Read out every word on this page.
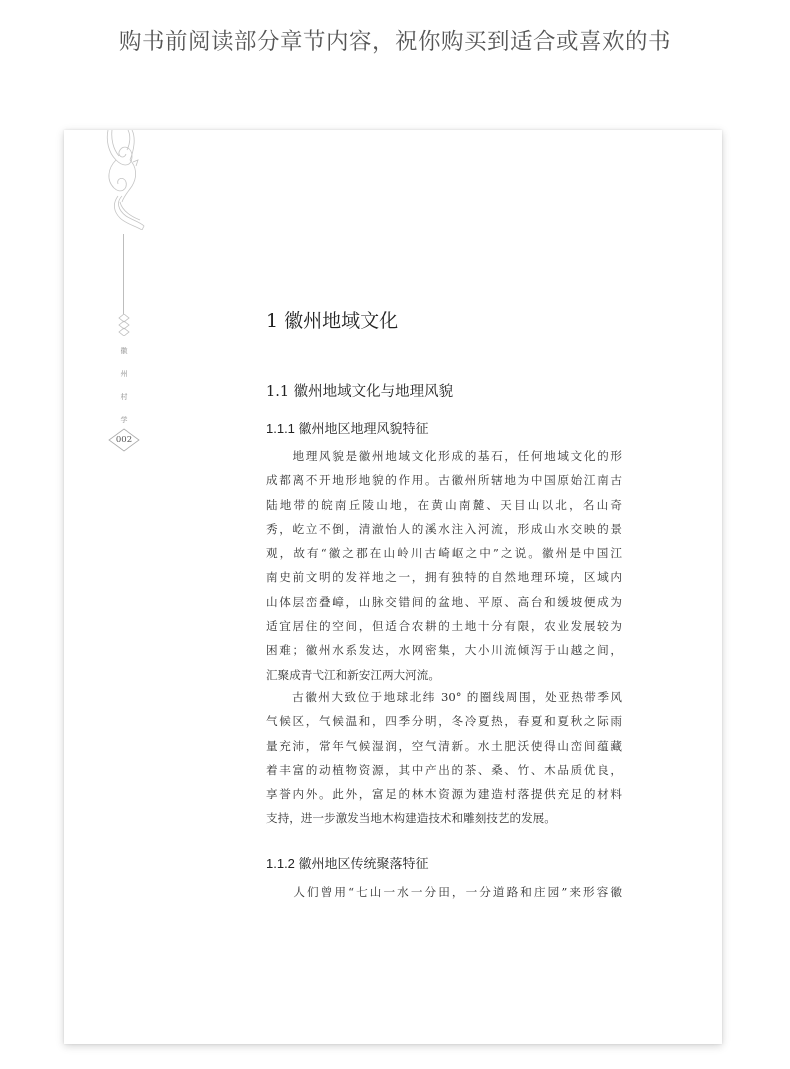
购书前阅读部分章节内容，祝你购买到适合或喜欢的书
徽
州
村
学
002
1 徽州地域文化
1.1 徽州地域文化与地理风貌
1.1.1 徽州地区地理风貌特征

　　地理风貌是徽州地域文化形成的基石，任何地域文化的形
成都离不开地形地貌的作用。古徽州所辖地为中国原始江南古
陆地带的皖南丘陵山地，在黄山南麓、天目山以北，名山奇
秀，屹立不倒，清澈怡人的溪水注入河流，形成山水交映的景
观，故有“徽之郡在山岭川古崎岖之中”之说。徽州是中国江
南史前文明的发祥地之一，拥有独特的自然地理环境，区域内
山体层峦叠嶂，山脉交错间的盆地、平原、高台和缓坡便成为
适宜居住的空间，但适合农耕的土地十分有限，农业发展较为
困难；徽州水系发达，水网密集，大小川流倾泻于山越之间，
汇聚成青弋江和新安江两大河流。

　　古徽州大致位于地球北纬 30° 的圈线周围，处亚热带季风
气候区，气候温和，四季分明，冬冷夏热，春夏和夏秋之际雨
量充沛，常年气候湿润，空气清新。水土肥沃使得山峦间蕴藏
着丰富的动植物资源，其中产出的茶、桑、竹、木品质优良，
享誉内外。此外，富足的林木资源为建造村落提供充足的材料
支持，进一步激发当地木构建造技术和雕刻技艺的发展。

1.1.2 徽州地区传统聚落特征

　　人们曾用“七山一水一分田，一分道路和庄园”来形容徽
